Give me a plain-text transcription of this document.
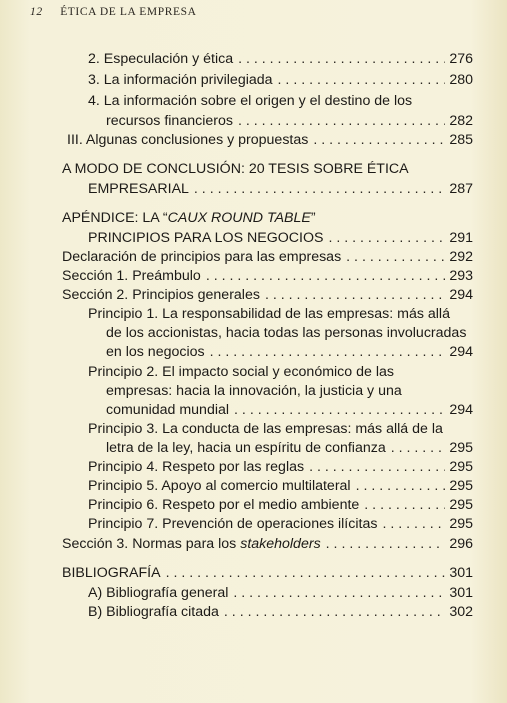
12 ÉTICA DE LA EMPRESA
2. Especulación y ética . . .	276
3. La información privilegiada . . .	280
4. La información sobre el origen y el destino de los
recursos financieros . . .	282
III. Algunas conclusiones y propuestas . . .	285
A MODO DE CONCLUSIÓN: 20 TESIS SOBRE ÉTICA
EMPRESARIAL . . .	287
APÉNDICE: LA “CAUX ROUND TABLE”
PRINCIPIOS PARA LOS NEGOCIOS . . .	291
Declaración de principios para las empresas . . .	292
Sección 1. Preámbulo . . .	293
Sección 2. Principios generales . . .	294
Principio 1. La responsabilidad de las empresas: más allá
de los accionistas, hacia todas las personas involucradas
en los negocios . . .	294
Principio 2. El impacto social y económico de las
empresas: hacia la innovación, la justicia y una
comunidad mundial . . .	294
Principio 3. La conducta de las empresas: más allá de la
letra de la ley, hacia un espíritu de confianza . . .	295
Principio 4. Respeto por las reglas . . .	295
Principio 5. Apoyo al comercio multilateral . . .	295
Principio 6. Respeto por el medio ambiente . . .	295
Principio 7. Prevención de operaciones ilícitas . . .	295
Sección 3. Normas para los stakeholders . . .	296
BIBLIOGRAFÍA . . .	301
A) Bibliografía general . . .	301
B) Bibliografía citada . . .	302
